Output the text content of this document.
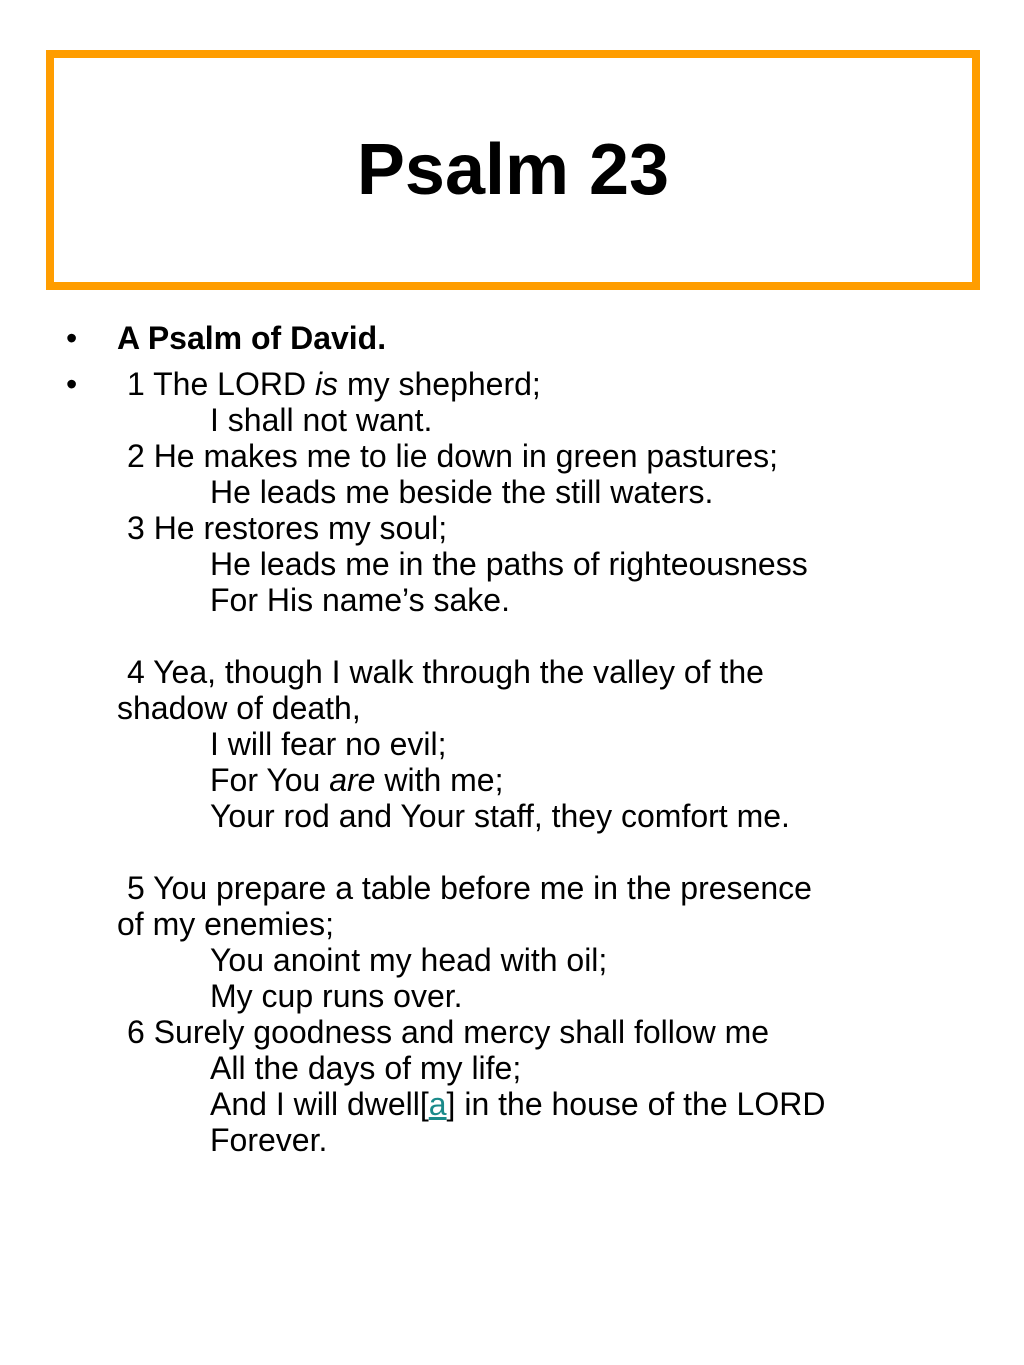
Psalm 23
• A Psalm of David.
•	1 The LORD is my shepherd;
I shall not want.
2 He makes me to lie down in green pastures;
He leads me beside the still waters.
3 He restores my soul;
He leads me in the paths of righteousness
For His name’s sake.
4 Yea, though I walk through the valley of the
shadow of death,
I will fear no evil;
For You are with me;
Your rod and Your staff, they comfort me.
5 You prepare a table before me in the presence
of my enemies;
You anoint my head with oil;
My cup runs over.
6 Surely goodness and mercy shall follow me
All the days of my life;
And I will dwell[a] in the house of the LORD
Forever.
